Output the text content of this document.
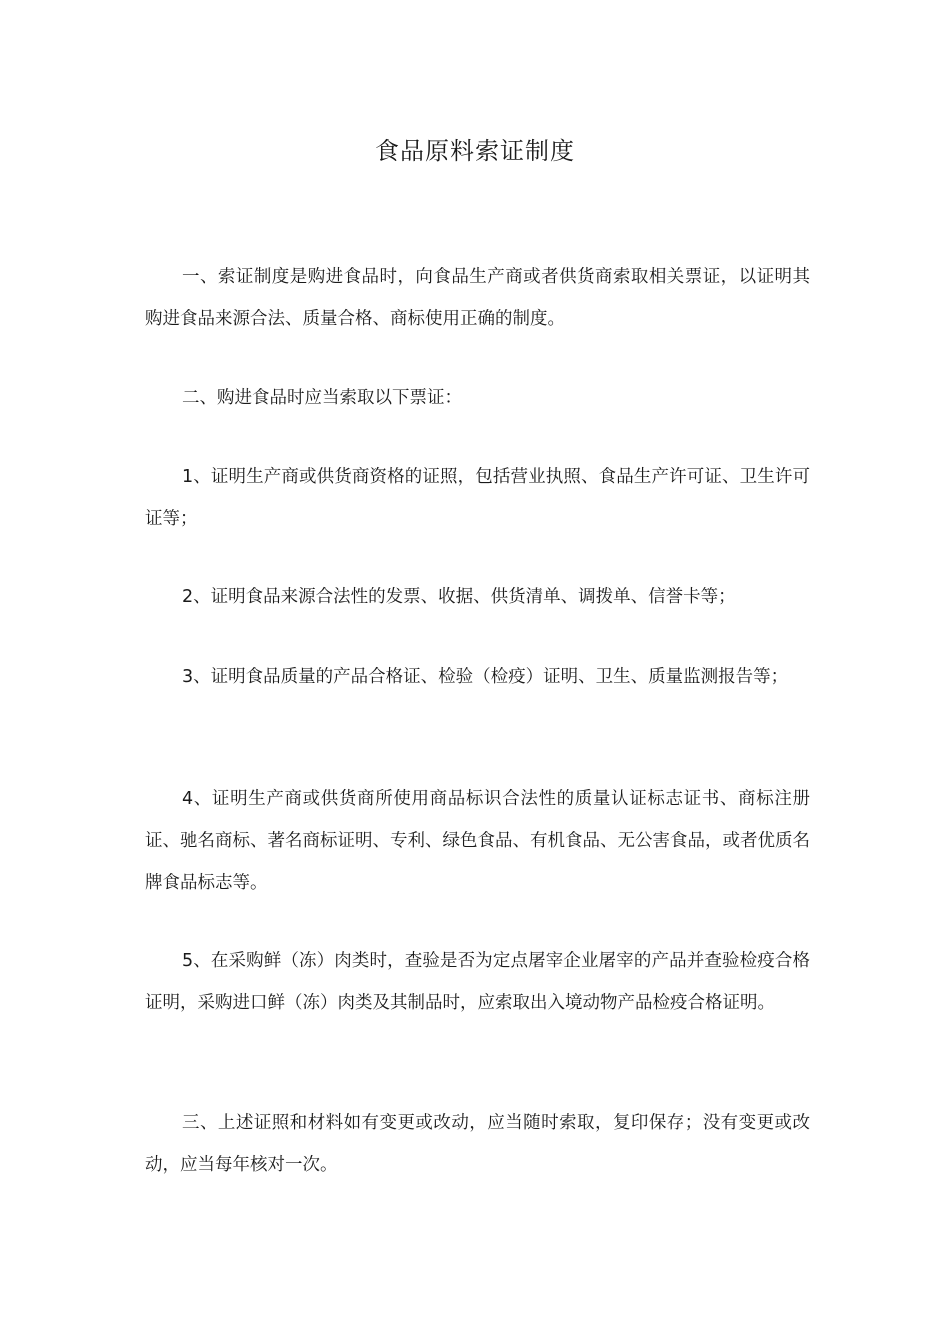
食品原料索证制度

一、索证制度是购进食品时，向食品生产商或者供货商索取相关票证，以证明其购进食品来源合法、质量合格、商标使用正确的制度。

二、购进食品时应当索取以下票证：

1、证明生产商或供货商资格的证照，包括营业执照、食品生产许可证、卫生许可证等；

2、证明食品来源合法性的发票、收据、供货清单、调拨单、信誉卡等；

3、证明食品质量的产品合格证、检验（检疫）证明、卫生、质量监测报告等；

4、证明生产商或供货商所使用商品标识合法性的质量认证标志证书、商标注册证、驰名商标、著名商标证明、专利、绿色食品、有机食品、无公害食品，或者优质名牌食品标志等。

5、在采购鲜（冻）肉类时，查验是否为定点屠宰企业屠宰的产品并查验检疫合格证明，采购进口鲜（冻）肉类及其制品时，应索取出入境动物产品检疫合格证明。

三、上述证照和材料如有变更或改动，应当随时索取，复印保存；没有变更或改动，应当每年核对一次。
